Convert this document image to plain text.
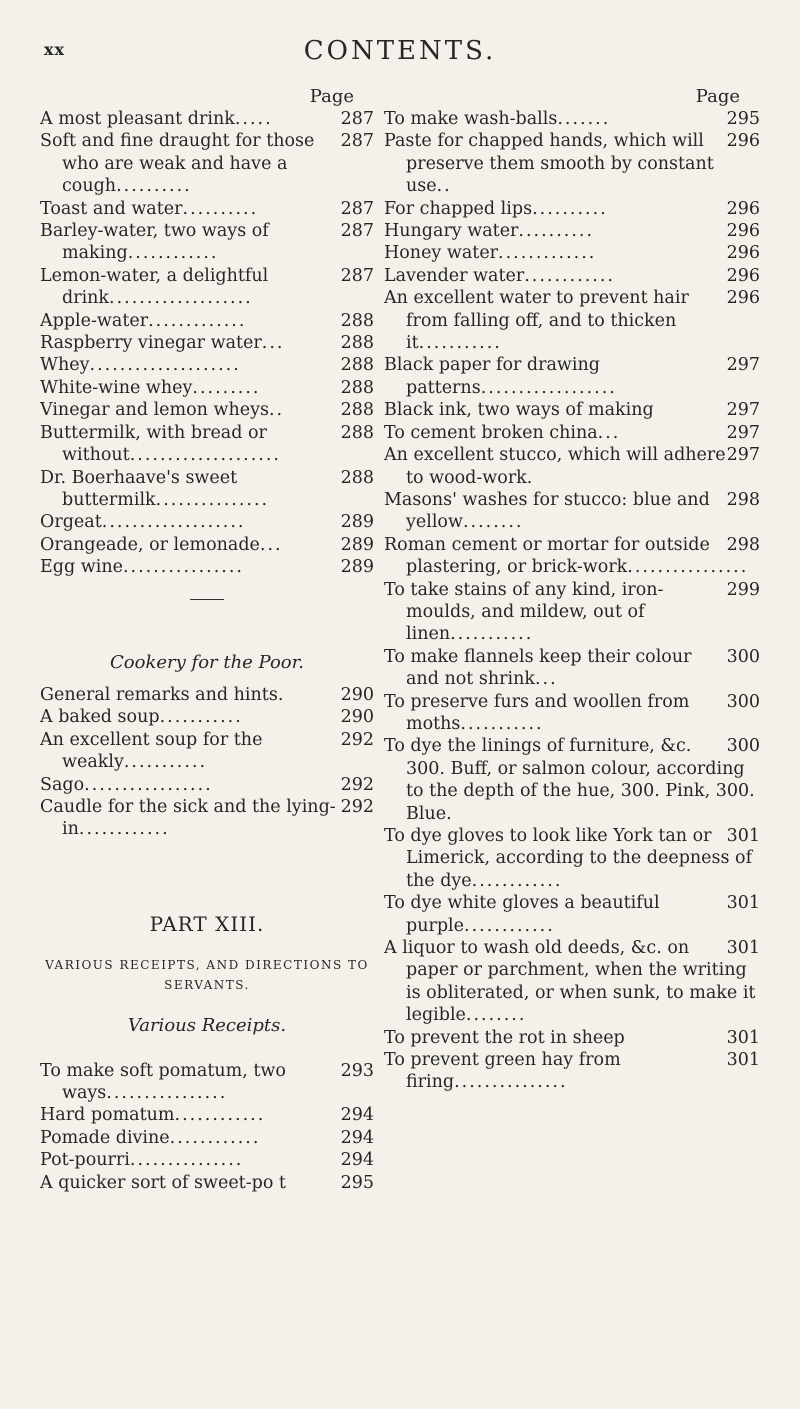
xx	CONTENTS.
Page
287
A most pleasant drink.....
287
Soft and fine draught for those who are weak and have a cough..........
287
Toast and water..........
287
Barley-water, two ways of making............
287
Lemon-water, a delightful drink...................
288
Apple-water.............
288
Raspberry vinegar water...
288
Whey....................
288
White-wine whey.........
288
Vinegar and lemon wheys..
288
Buttermilk, with bread or without....................
288
Dr. Boerhaave's sweet buttermilk...............
289
Orgeat...................
289
Orangeade, or lemonade...
289
Egg wine................
Cookery for the Poor.
290
General remarks and hints.
290
A baked soup...........
292
An excellent soup for the weakly...........
292
Sago.................
292
Caudle for the sick and the lying-in............
PART XIII.
VARIOUS RECEIPTS, AND DIRECTIONS TO SERVANTS.
Various Receipts.
293
To make soft pomatum, two ways................
294
Hard pomatum............
294
Pomade divine............
294
Pot-pourri...............
295
A quicker sort of sweet-po t
Page
295
To make wash-balls.......
296
Paste for chapped hands, which will preserve them smooth by constant use..
296
For chapped lips..........
296
Hungary water..........
296
Honey water.............
296
Lavender water............
296
An excellent water to prevent hair from falling off, and to thicken it...........
297
Black paper for drawing patterns..................
297
Black ink, two ways of making
297
To cement broken china...
297
An excellent stucco, which will adhere to wood-work.
298
Masons' washes for stucco: blue and yellow........
298
Roman cement or mortar for outside plastering, or brick-work................
299
To take stains of any kind, iron-moulds, and mildew, out of linen...........
300
To make flannels keep their colour and not shrink...
300
To preserve furs and woollen from moths...........
300
To dye the linings of furniture, &c. 300. Buff, or salmon colour, according to the depth of the hue, 300. Pink, 300. Blue.
301
To dye gloves to look like York tan or Limerick, according to the deepness of the dye............
301
To dye white gloves a beautiful purple............
301
A liquor to wash old deeds, &c. on paper or parchment, when the writing is obliterated, or when sunk, to make it legible........
301
To prevent the rot in sheep
301
To prevent green hay from firing...............
